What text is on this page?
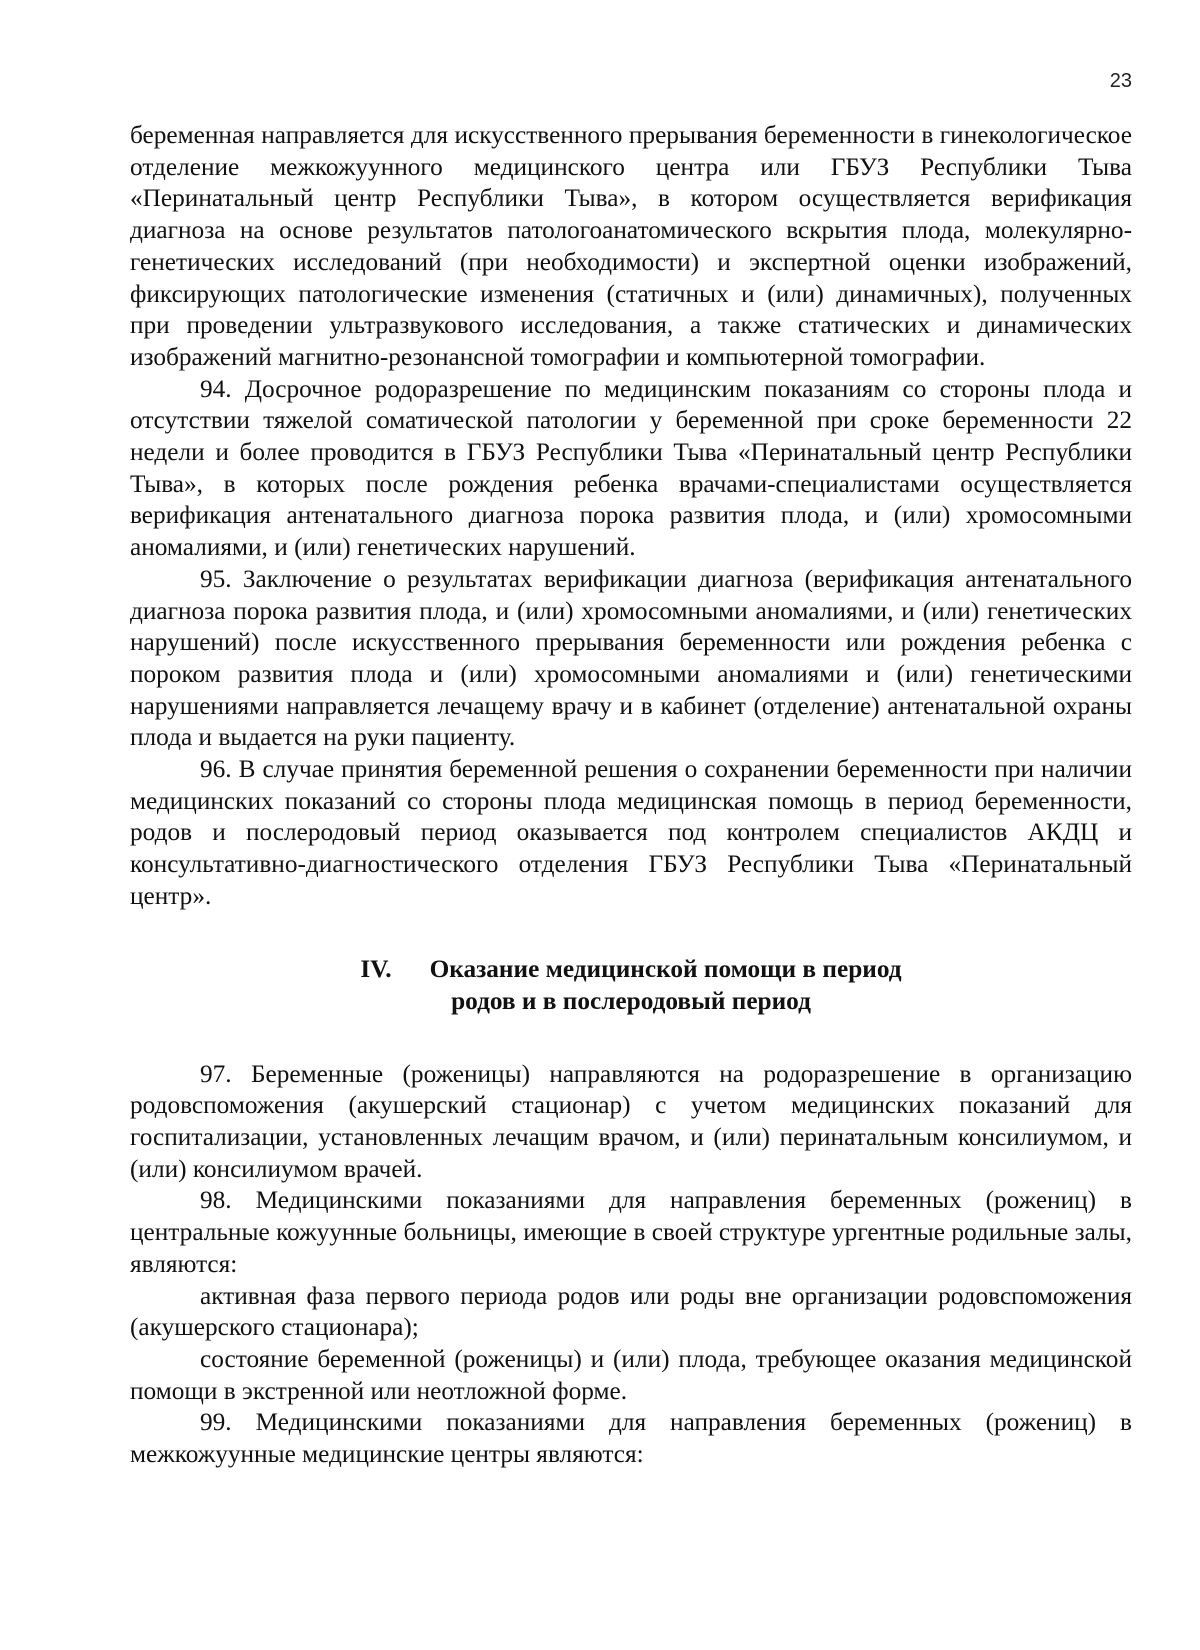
23

беременная направляется для искусственного прерывания беременности в гинекологическое отделение межкожуунного медицинского центра или ГБУЗ Республики Тыва «Перинатальный центр Республики Тыва», в котором осуществляется верификация диагноза на основе результатов патологоанатомического вскрытия плода, молекулярно-генетических исследований (при необходимости) и экспертной оценки изображений, фиксирующих патологические изменения (статичных и (или) динамичных), полученных при проведении ультразвукового исследования, а также статических и динамических изображений магнитно-резонансной томографии и компьютерной томографии.

94. Досрочное родоразрешение по медицинским показаниям со стороны плода и отсутствии тяжелой соматической патологии у беременной при сроке беременности 22 недели и более проводится в ГБУЗ Республики Тыва «Перинатальный центр Республики Тыва», в которых после рождения ребенка врачами-специалистами осуществляется верификация антенатального диагноза порока развития плода, и (или) хромосомными аномалиями, и (или) генетических нарушений.

95. Заключение о результатах верификации диагноза (верификация антенатального диагноза порока развития плода, и (или) хромосомными аномалиями, и (или) генетических нарушений) после искусственного прерывания беременности или рождения ребенка с пороком развития плода и (или) хромосомными аномалиями и (или) генетическими нарушениями направляется лечащему врачу и в кабинет (отделение) антенатальной охраны плода и выдается на руки пациенту.

96. В случае принятия беременной решения о сохранении беременности при наличии медицинских показаний со стороны плода медицинская помощь в период беременности, родов и послеродовый период оказывается под контролем специалистов АКДЦ и консультативно-диагностического отделения ГБУЗ Республики Тыва «Перинатальный центр».

IV. Оказание медицинской помощи в период
родов и в послеродовый период

97. Беременные (роженицы) направляются на родоразрешение в организацию родовспоможения (акушерский стационар) с учетом медицинских показаний для госпитализации, установленных лечащим врачом, и (или) перинатальным консилиумом, и (или) консилиумом врачей.

98. Медицинскими показаниями для направления беременных (рожениц) в центральные кожуунные больницы, имеющие в своей структуре ургентные родильные залы, являются:

активная фаза первого периода родов или роды вне организации родовспоможения (акушерского стационара);

состояние беременной (роженицы) и (или) плода, требующее оказания медицинской помощи в экстренной или неотложной форме.

99. Медицинскими показаниями для направления беременных (рожениц) в межкожуунные медицинские центры являются:
